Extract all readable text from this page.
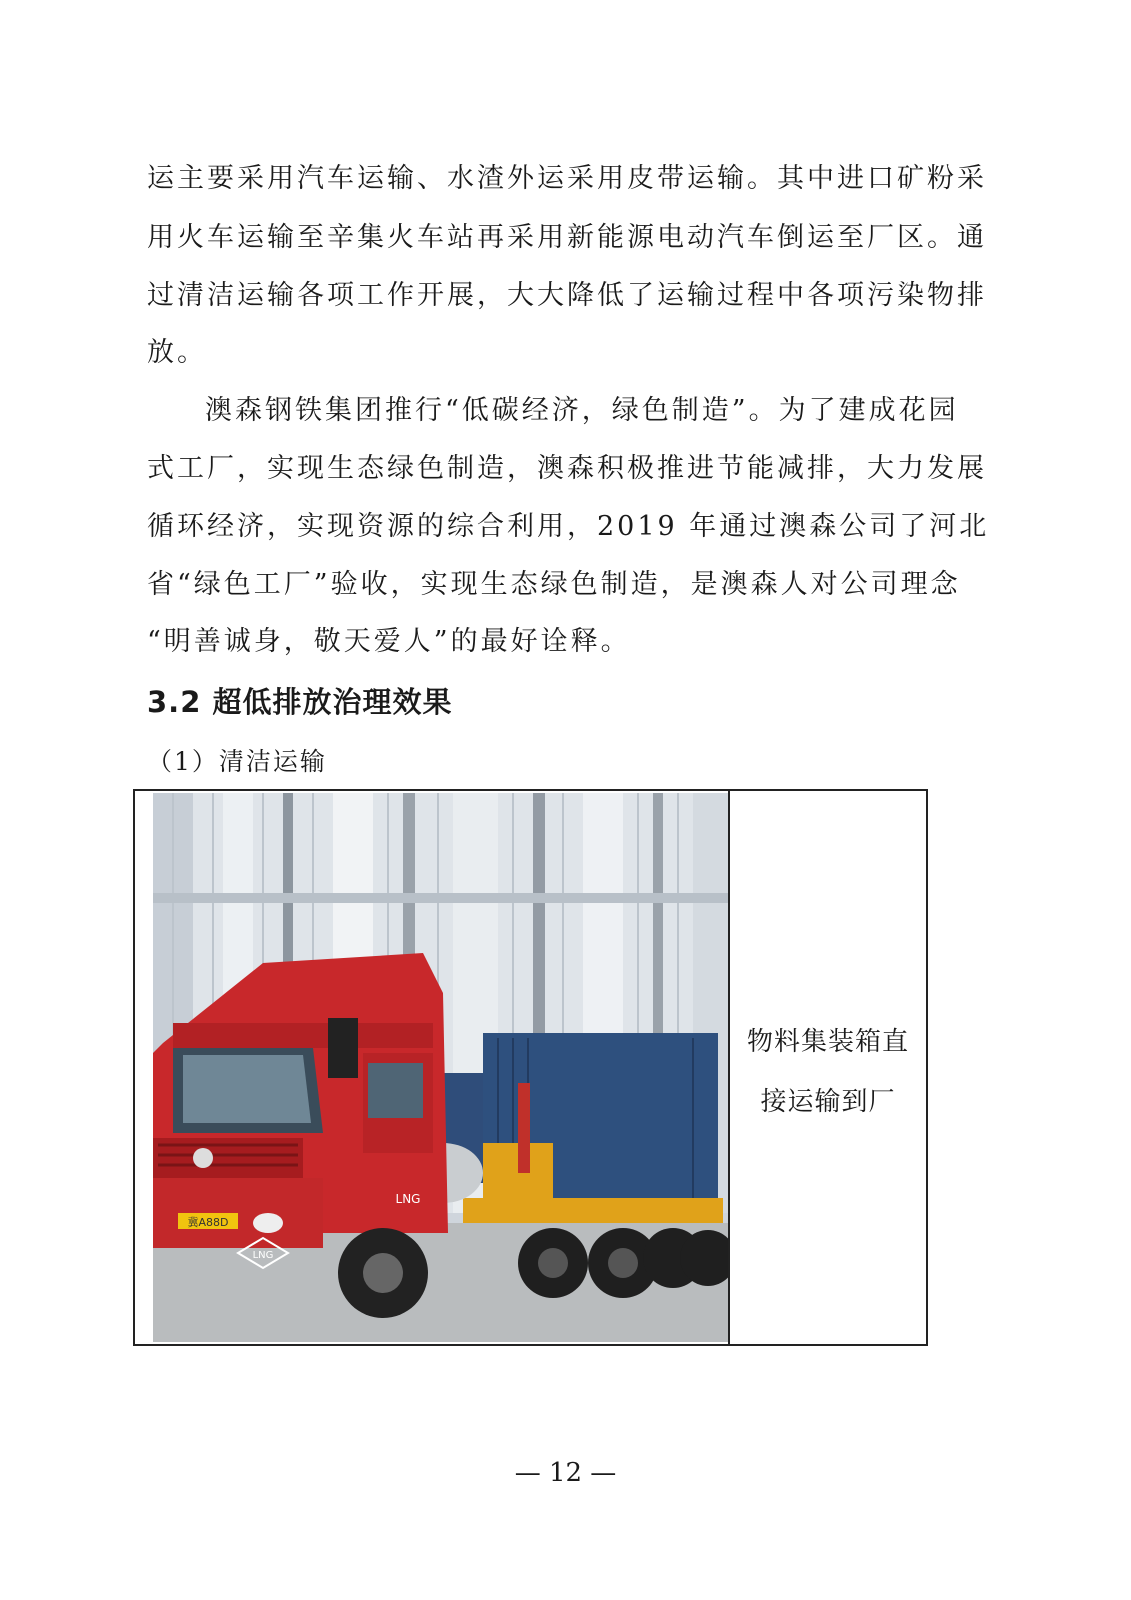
运主要采用汽车运输、水渣外运采用皮带运输。其中进口矿粉采
用火车运输至辛集火车站再采用新能源电动汽车倒运至厂区。通
过清洁运输各项工作开展，大大降低了运输过程中各项污染物排
放。
澳森钢铁集团推行“低碳经济，绿色制造”。为了建成花园
式工厂，实现生态绿色制造，澳森积极推进节能减排，大力发展
循环经济，实现资源的综合利用，2019 年通过澳森公司了河北
省“绿色工厂”验收，实现生态绿色制造，是澳森人对公司理念
“明善诚身，敬天爱人”的最好诠释。
3.2 超低排放治理效果
（1）清洁运输
冀A88D
LNG
LNG
物料集装箱直
接运输到厂
— 12 —
